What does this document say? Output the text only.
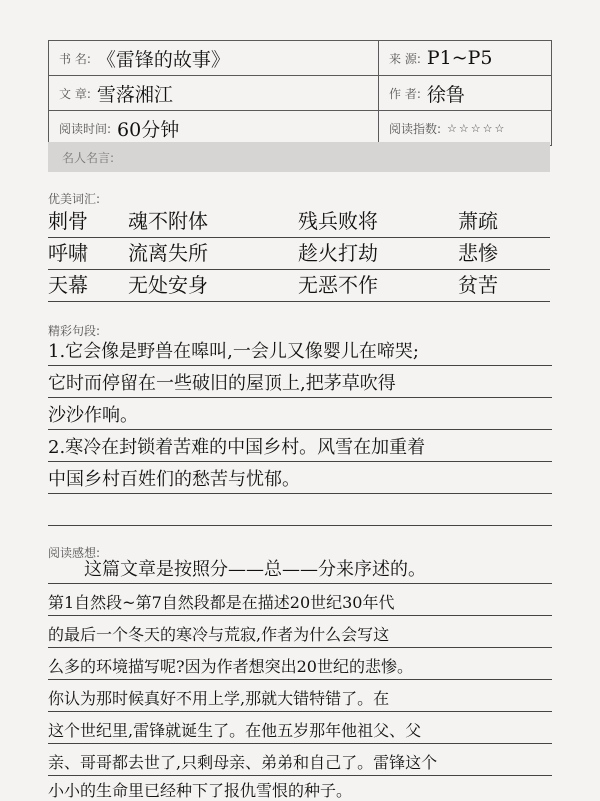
书 名: 《雷锋的故事》	来 源: P1~P5
文 章: 雪落湘江	作 者: 徐鲁
阅读时间: 60分钟	阅读指数: ☆☆☆☆☆
名人名言:
优美词汇:
刺骨	魂不附体	残兵败将	萧疏
呼啸	流离失所	趁火打劫	悲惨
天幕	无处安身	无恶不作	贫苦
精彩句段:
1.它会像是野兽在嗥叫,一会儿又像婴儿在啼哭;
它时而停留在一些破旧的屋顶上,把茅草吹得
沙沙作响。
2.寒冷在封锁着苦难的中国乡村。风雪在加重着
中国乡村百姓们的愁苦与忧郁。
阅读感想:
　　这篇文章是按照分——总——分来序述的。
第1自然段~第7自然段都是在描述20世纪30年代
的最后一个冬天的寒冷与荒寂,作者为什么会写这
么多的环境描写呢?因为作者想突出20世纪的悲惨。
你认为那时候真好不用上学,那就大错特错了。在
这个世纪里,雷锋就诞生了。在他五岁那年他祖父、父
亲、哥哥都去世了,只剩母亲、弟弟和自己了。雷锋这个
小小的生命里已经种下了报仇雪恨的种子。
